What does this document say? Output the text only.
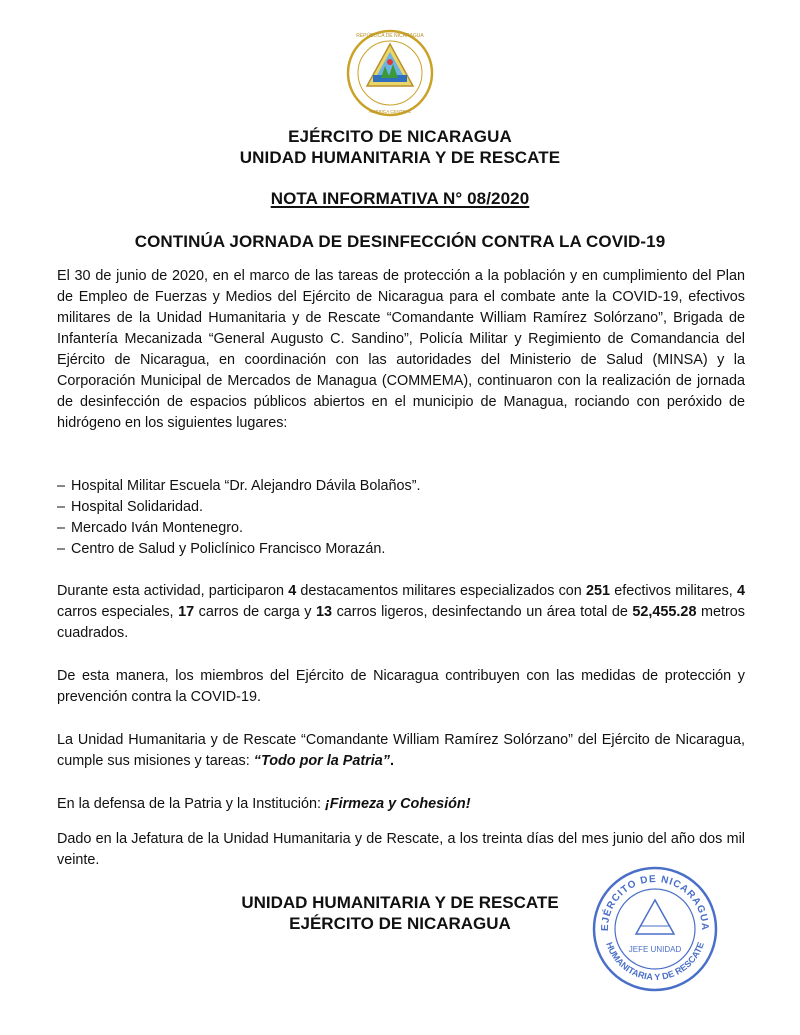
REPÚBLICA DE NICARAGUA
AMÉRICA CENTRAL
EJÉRCITO DE NICARAGUA
UNIDAD HUMANITARIA Y DE RESCATE
NOTA INFORMATIVA N° 08/2020
CONTINÚA JORNADA DE DESINFECCIÓN CONTRA LA COVID-19
El 30 de junio de 2020, en el marco de las tareas de protección a la población y en cumplimiento del Plan de Empleo de Fuerzas y Medios del Ejército de Nicaragua para el combate ante la COVID-19, efectivos militares de la Unidad Humanitaria y de Rescate “Comandante William Ramírez Solórzano”, Brigada de Infantería Mecanizada “General Augusto C. Sandino”, Policía Militar y Regimiento de Comandancia del Ejército de Nicaragua, en coordinación con las autoridades del Ministerio de Salud (MINSA) y la Corporación Municipal de Mercados de Managua (COMMEMA), continuaron con la realización de jornada de desinfección de espacios públicos abiertos en el municipio de Managua, rociando con peróxido de hidrógeno en los siguientes lugares:
– Hospital Militar Escuela “Dr. Alejandro Dávila Bolaños”.
– Hospital Solidaridad.
– Mercado Iván Montenegro.
– Centro de Salud y Policlínico Francisco Morazán.
Durante esta actividad, participaron 4 destacamentos militares especializados con 251 efectivos militares, 4 carros especiales, 17 carros de carga y 13 carros ligeros, desinfectando un área total de 52,455.28 metros cuadrados.
De esta manera, los miembros del Ejército de Nicaragua contribuyen con las medidas de protección y prevención contra la COVID-19.
La Unidad Humanitaria y de Rescate “Comandante William Ramírez Solórzano” del Ejército de Nicaragua, cumple sus misiones y tareas: “Todo por la Patria”.
En la defensa de la Patria y la Institución: ¡Firmeza y Cohesión!
Dado en la Jefatura de la Unidad Humanitaria y de Rescate, a los treinta días del mes junio del año dos mil veinte.
UNIDAD HUMANITARIA Y DE RESCATE
EJÉRCITO DE NICARAGUA	EJÉRCITO DE NICARAGUA
HUMANITARIA Y DE RESCATE
JEFE UNIDAD
